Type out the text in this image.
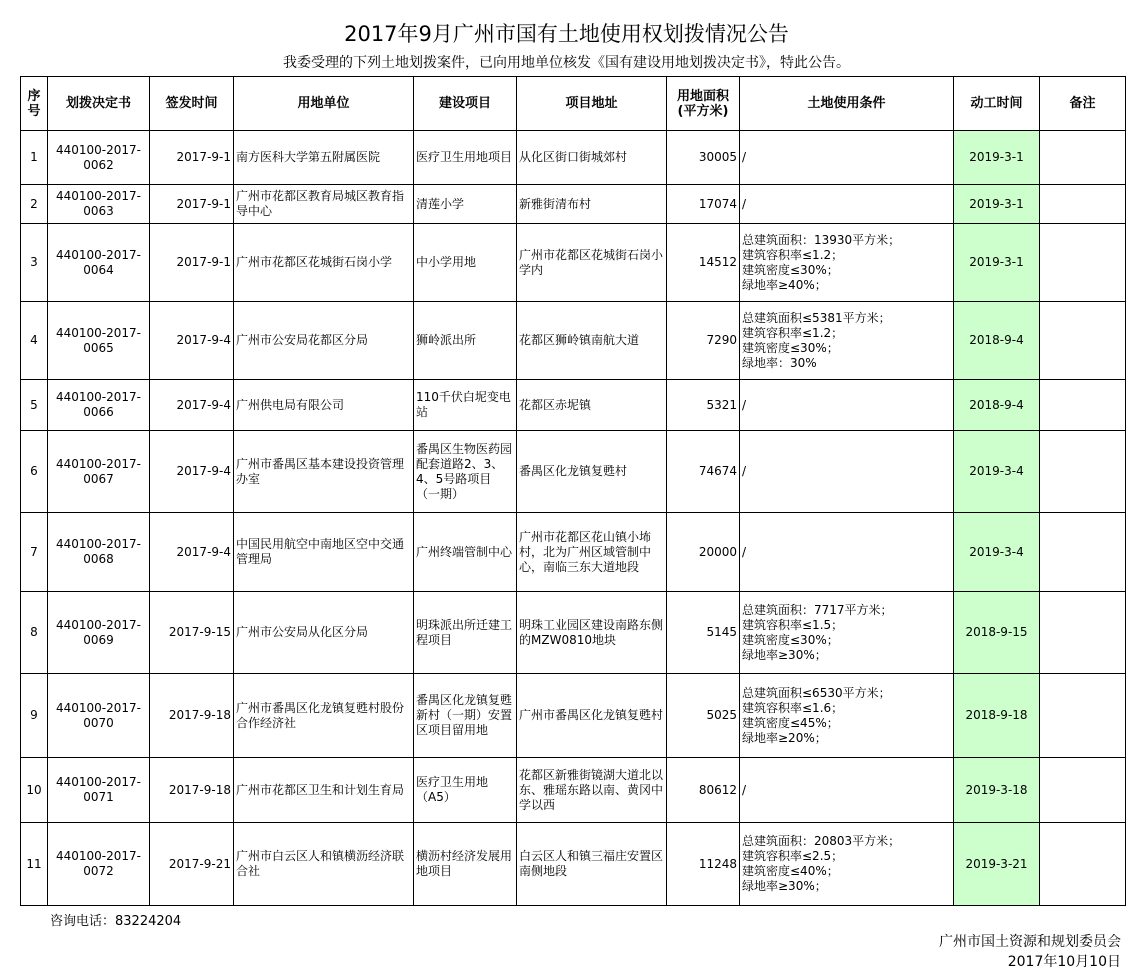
2017年9月广州市国有土地使用权划拨情况公告
我委受理的下列土地划拨案件，已向用地单位核发《国有建设用地划拨决定书》，特此公告。
序号	划拨决定书	签发时间	用地单位	建设项目	项目地址	用地面积(平方米)	土地使用条件	动工时间	备注
1	440100-2017-0062	2017-9-1	南方医科大学第五附属医院	医疗卫生用地项目	从化区街口街城郊村	30005	/	2019-3-1	
2	440100-2017-0063	2017-9-1	广州市花都区教育局城区教育指导中心	清莲小学	新雅街清布村	17074	/	2019-3-1	
3	440100-2017-0064	2017-9-1	广州市花都区花城街石岗小学	中小学用地	广州市花都区花城街石岗小学内	14512	总建筑面积：13930平方米；
建筑容积率≤1.2；
建筑密度≤30%；
绿地率≥40%；	2019-3-1	
4	440100-2017-0065	2017-9-4	广州市公安局花都区分局	狮岭派出所	花都区狮岭镇南航大道	7290	总建筑面积≤5381平方米；
建筑容积率≤1.2；
建筑密度≤30%；
绿地率：30%	2018-9-4	
5	440100-2017-0066	2017-9-4	广州供电局有限公司	110千伏白坭变电站	花都区赤坭镇	5321	/	2018-9-4	
6	440100-2017-0067	2017-9-4	广州市番禺区基本建设投资管理办室	番禺区生物医药园配套道路2、3、4、5号路项目（一期）	番禺区化龙镇复甦村	74674	/	2019-3-4	
7	440100-2017-0068	2017-9-4	中国民用航空中南地区空中交通管理局	广州终端管制中心	广州市花都区花山镇小㘵村，北为广州区域管制中心，南临三东大道地段	20000	/	2019-3-4	
8	440100-2017-0069	2017-9-15	广州市公安局从化区分局	明珠派出所迁建工程项目	明珠工业园区建设南路东侧的MZW0810地块	5145	总建筑面积：7717平方米；
建筑容积率≤1.5；
建筑密度≤30%；
绿地率≥30%；	2018-9-15	
9	440100-2017-0070	2017-9-18	广州市番禺区化龙镇复甦村股份合作经济社	番禺区化龙镇复甦新村（一期）安置区项目留用地	广州市番禺区化龙镇复甦村	5025	总建筑面积≤6530平方米；
建筑容积率≤1.6；
建筑密度≤45%；
绿地率≥20%；	2018-9-18	
10	440100-2017-0071	2017-9-18	广州市花都区卫生和计划生育局	医疗卫生用地（A5）	花都区新雅街镜湖大道北以东、雅瑶东路以南、黄冈中学以西	80612	/	2019-3-18	
11	440100-2017-0072	2017-9-21	广州市白云区人和镇横沥经济联合社	横沥村经济发展用地项目	白云区人和镇三福庄安置区南侧地段	11248	总建筑面积：20803平方米；
建筑容积率≤2.5；
建筑密度≤40%；
绿地率≥30%；	2019-3-21	
咨询电话：83224204
广州市国土资源和规划委员会
2017年10月10日
